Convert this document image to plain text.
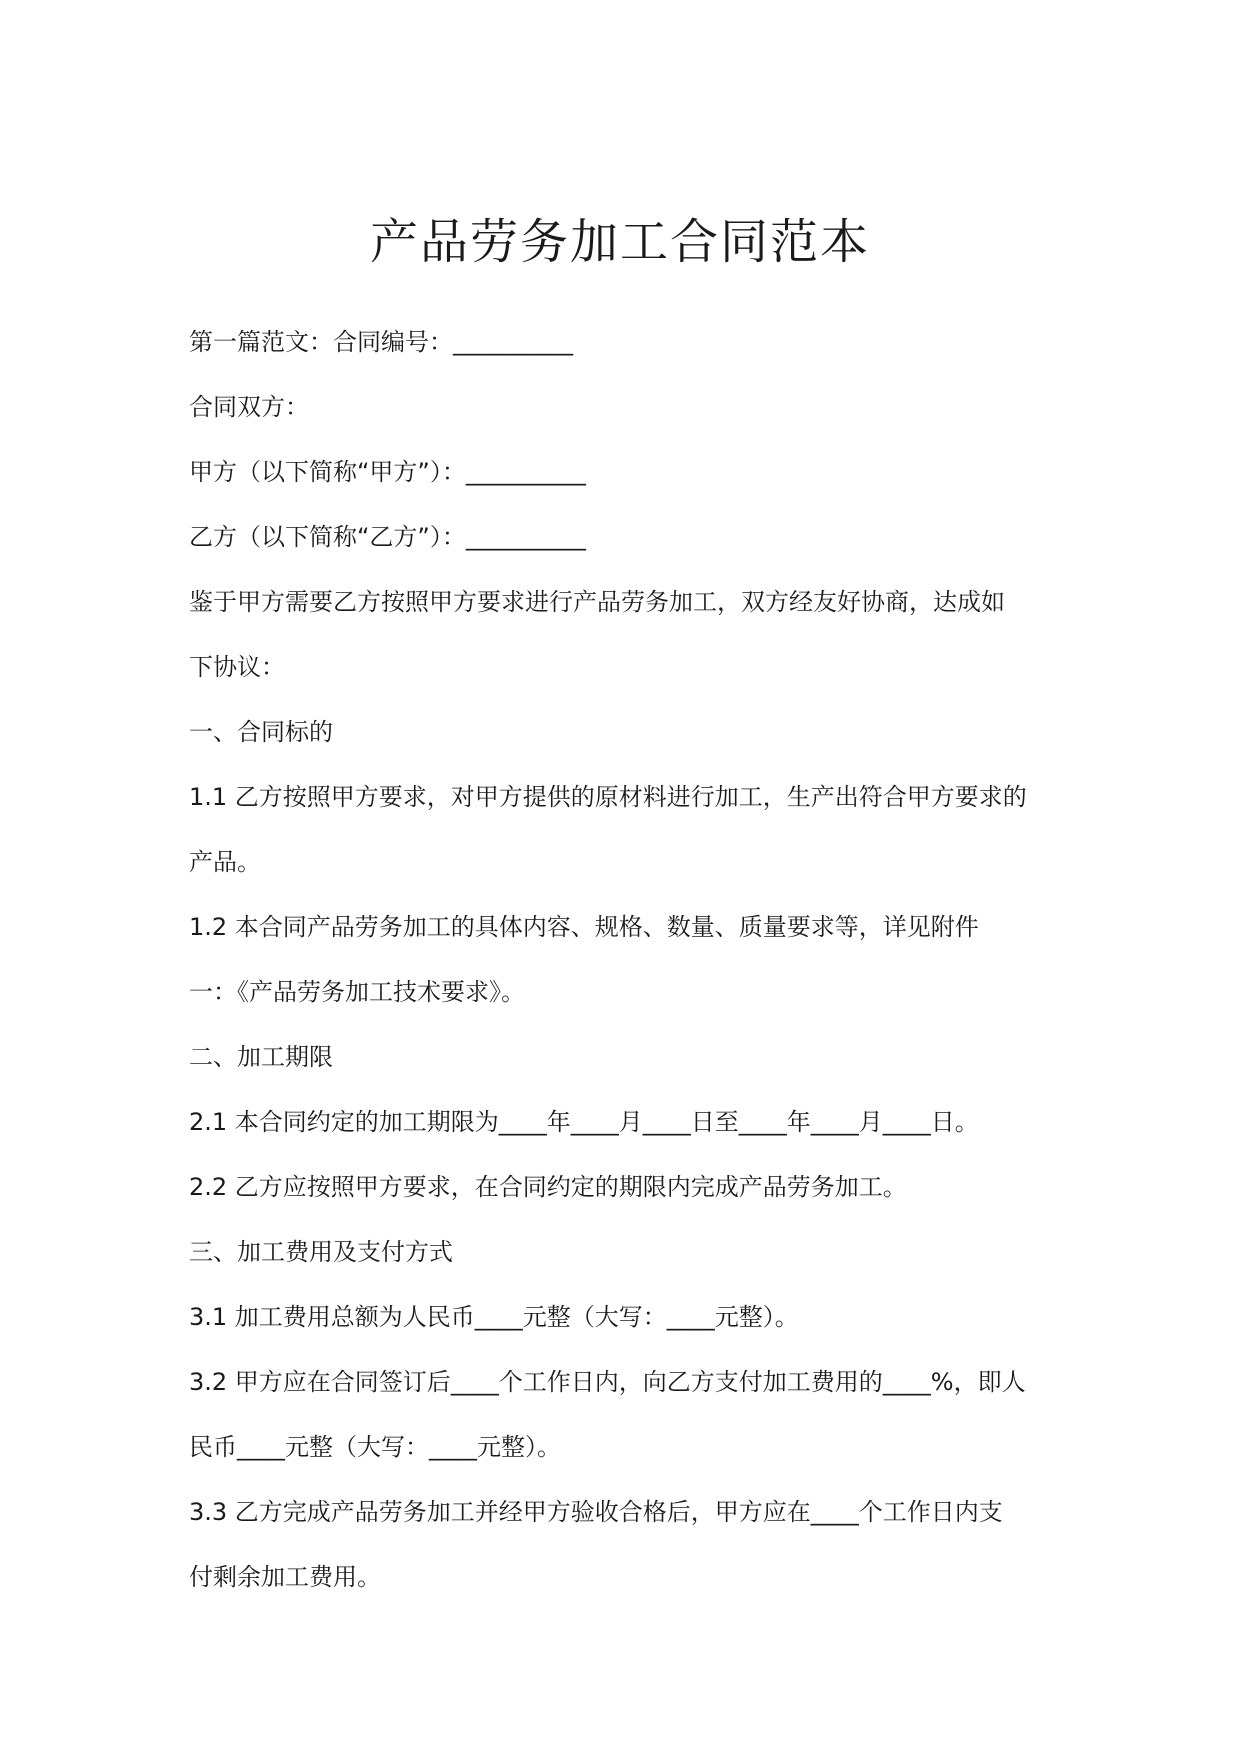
产品劳务加工合同范本
第一篇范文：合同编号：__________
合同双方：
甲方（以下简称“甲方”）：__________
乙方（以下简称“乙方”）：__________
鉴于甲方需要乙方按照甲方要求进行产品劳务加工，双方经友好协商，达成如
下协议：
一、合同标的
1.1 乙方按照甲方要求，对甲方提供的原材料进行加工，生产出符合甲方要求的
产品。
1.2 本合同产品劳务加工的具体内容、规格、数量、质量要求等，详见附件
一：《产品劳务加工技术要求》。
二、加工期限
2.1 本合同约定的加工期限为____年____月____日至____年____月____日。
2.2 乙方应按照甲方要求，在合同约定的期限内完成产品劳务加工。
三、加工费用及支付方式
3.1 加工费用总额为人民币____元整（大写：____元整）。
3.2 甲方应在合同签订后____个工作日内，向乙方支付加工费用的____%，即人
民币____元整（大写：____元整）。
3.3 乙方完成产品劳务加工并经甲方验收合格后，甲方应在____个工作日内支
付剩余加工费用。
